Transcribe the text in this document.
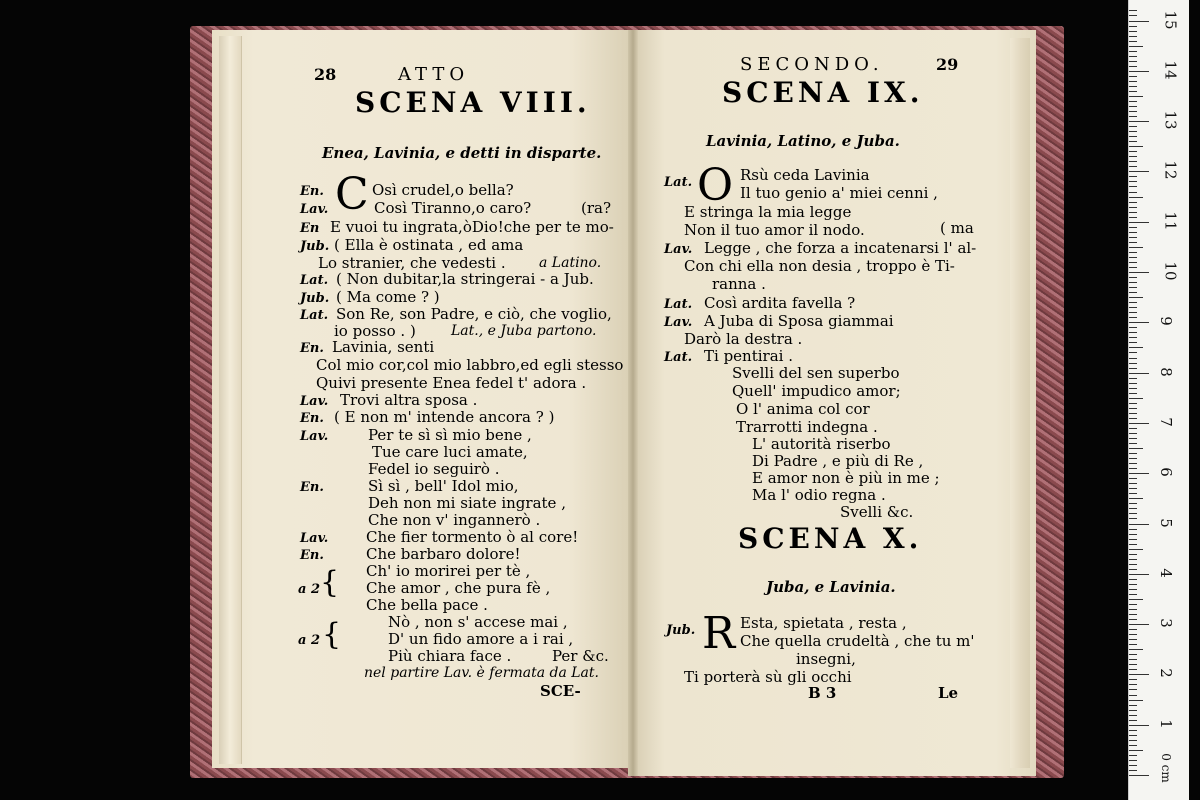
28	ATTO
SCENA VIII.
Enea, Lavinia, e detti in disparte.
C
En.	Osì crudel,o bella?
Lav.	Così Tiranno,o caro?	(ra?
En E vuoi tu ingrata,òDio!che per te mo-
Jub. ( Ella è ostinata , ed ama
Lo stranier, che vedesti . a Latino.
Lat. ( Non dubitar,la stringerai - a Jub.
Jub. ( Ma come ? )
Lat. Son Re, son Padre, e ciò, che voglio,
io posso . )	Lat., e Juba partono.
En. Lavinia, senti
Col mio cor,col mio labbro,ed egli stesso
Quivi presente Enea fedel t' adora .
Lav. Trovi altra sposa .
En. ( E non m' intende ancora ? )
Lav.	Per te sì sì mio bene ,
Tue care luci amate,
Fedel io seguirò .
En.	Sì sì , bell' Idol mio,
Deh non mi siate ingrate ,
Che non v' ingannerò .
Lav.	Che fier tormento ò al core!
En.	Che barbaro dolore!
Ch' io morirei per tè ,
a 2 { Che amor , che pura fè ,
Che bella pace .
Nò , non s' accese mai ,
a 2 {	D' un fido amore a i rai ,
Più chiara face .	Per &c.
nel partire Lav. è fermata da Lat.
SCE-
SECONDO.	29
SCENA IX.
Lavinia, Latino, e Juba.
O
Lat.	Rsù ceda Lavinia
Il tuo genio a' miei cenni ,
E stringa la mia legge
Non il tuo amor il nodo.	( ma
Lav. Legge , che forza a incatenarsi l' al-
Con chi ella non desia , troppo è Ti-
ranna .
Lat. Così ardita favella ?
Lav. A Juba di Sposa giammai
Darò la destra .
Lat. Ti pentirai .
Svelli del sen superbo
Quell' impudico amor;
O l' anima col cor
Trarrotti indegna .
L' autorità riserbo
Di Padre , e più di Re ,
E amor non è più in me ;
Ma l' odio regna .
Svelli &c.
SCENA X.
Juba, e Lavinia.
R
Jub.	Esta, spietata , resta ,
Che quella crudeltà , che tu m'
insegni,
Ti porterà sù gli occhi
B 3	Le
1
2
3
4
5
6
7
8
9
10
11
12
13
14
15
0 cm
